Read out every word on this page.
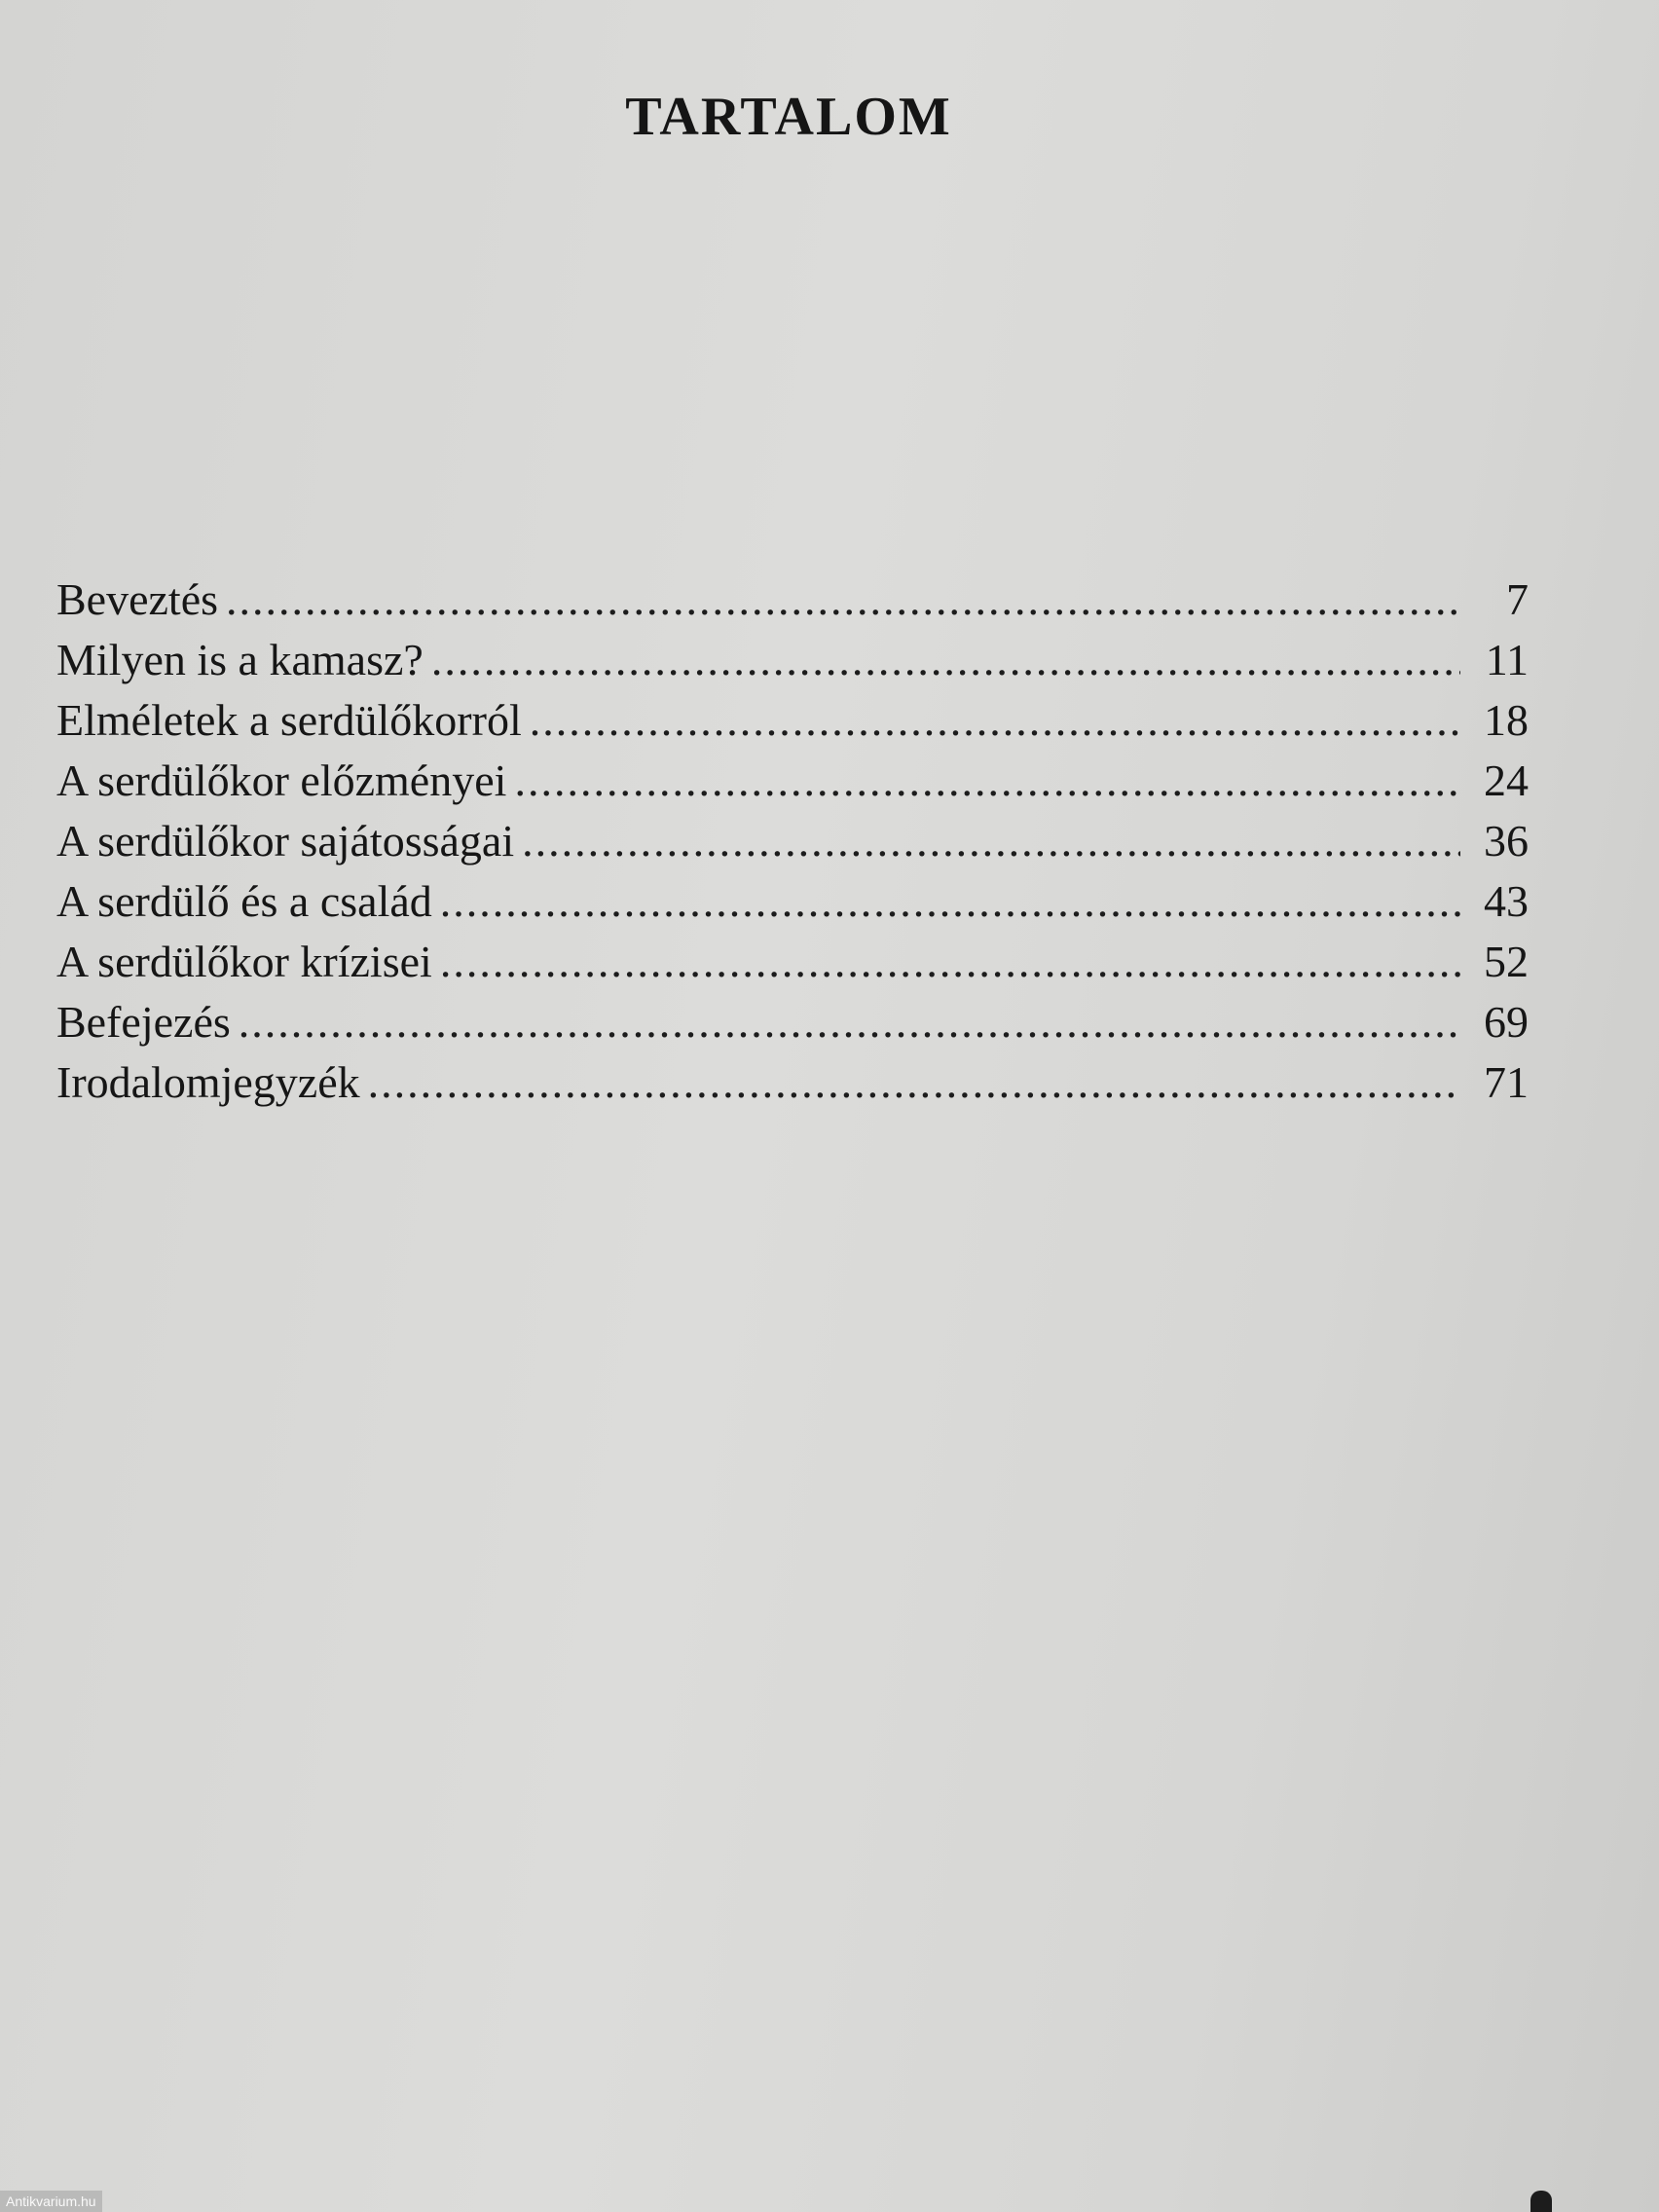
TARTALOM
Beveztés .....	7
Milyen is a kamasz? .....	11
Elméletek a serdülőkorról .....	18
A serdülőkor előzményei .....	24
A serdülőkor sajátosságai .....	36
A serdülő és a család .....	43
A serdülőkor krízisei .....	52
Befejezés .....	69
Irodalomjegyzék .....	71
Antikvarium.hu
